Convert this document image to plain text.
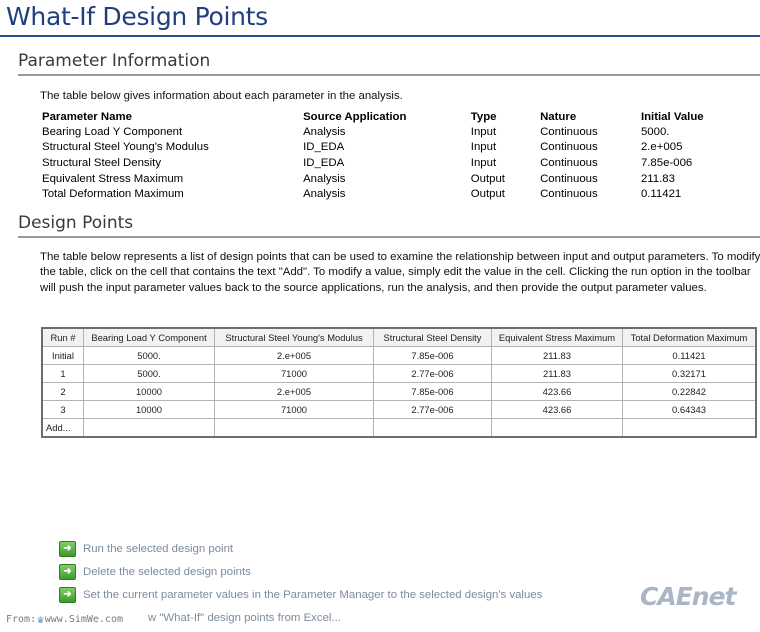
What-If Design Points
Parameter Information

The table below gives information about each parameter in the analysis.

Parameter Name	Source Application	Type	Nature	Initial Value
Bearing Load Y Component	Analysis	Input	Continuous	5000.
Structural Steel Young's Modulus	ID_EDA	Input	Continuous	2.e+005
Structural Steel Density	ID_EDA	Input	Continuous	7.85e-006
Equivalent Stress Maximum	Analysis	Output	Continuous	211.83
Total Deformation Maximum	Analysis	Output	Continuous	0.11421
Design Points

The table below represents a list of design points that can be used to examine the relationship between input and output parameters. To modify the table, click on the cell that contains the text "Add". To modify a value, simply edit the value in the cell. Clicking the run option in the toolbar will push the input parameter values back to the source applications, run the analysis, and then provide the output parameter values.

Run #	Bearing Load Y Component	Structural Steel Young's Modulus	Structural Steel Density	Equivalent Stress Maximum	Total Deformation Maximum
Initial	5000.	2.e+005	7.85e-006	211.83	0.11421
1	5000.	71000	2.77e-006	211.83	0.32171
2	10000	2.e+005	7.85e-006	423.66	0.22842
3	10000	71000	2.77e-006	423.66	0.64343
Add...					
➜ Run the selected design point
➜ Delete the selected design points
➜ Set the current parameter values in the Parameter Manager to the selected design's values
w "What-If" design points from Excel...
From: ♛ www.SimWe.com
CAEnet
